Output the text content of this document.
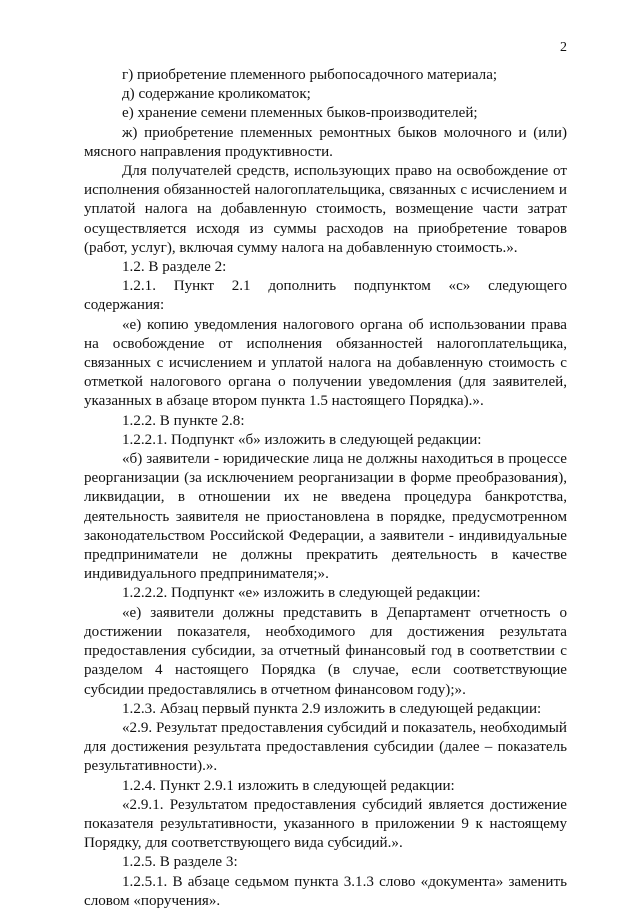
2

г) приобретение племенного рыбопосадочного материала;

д) содержание кроликоматок;

е) хранение семени племенных быков-производителей;

ж) приобретение племенных ремонтных быков молочного и (или) мясного направления продуктивности.

Для получателей средств, использующих право на освобождение от исполнения обязанностей налогоплательщика, связанных с исчислением и уплатой налога на добавленную стоимость, возмещение части затрат осуществляется исходя из суммы расходов на приобретение товаров (работ, услуг), включая сумму налога на добавленную стоимость.».

1.2. В разделе 2:

1.2.1. Пункт 2.1 дополнить подпунктом «с» следующего содержания:

«е) копию уведомления налогового органа об использовании права на освобождение от исполнения обязанностей налогоплательщика, связанных с исчислением и уплатой налога на добавленную стоимость с отметкой налогового органа о получении уведомления (для заявителей, указанных в абзаце втором пункта 1.5 настоящего Порядка).».

1.2.2. В пункте 2.8:

1.2.2.1. Подпункт «б» изложить в следующей редакции:

«б) заявители - юридические лица не должны находиться в процессе реорганизации (за исключением реорганизации в форме преобразования), ликвидации, в отношении их не введена процедура банкротства, деятельность заявителя не приостановлена в порядке, предусмотренном законодательством Российской Федерации, а заявители - индивидуальные предприниматели не должны прекратить деятельность в качестве индивидуального предпринимателя;».

1.2.2.2. Подпункт «е» изложить в следующей редакции:

«е) заявители должны представить в Департамент отчетность о достижении показателя, необходимого для достижения результата предоставления субсидии, за отчетный финансовый год в соответствии с разделом 4 настоящего Порядка (в случае, если соответствующие субсидии предоставлялись в отчетном финансовом году);».

1.2.3. Абзац первый пункта 2.9 изложить в следующей редакции:

«2.9. Результат предоставления субсидий и показатель, необходимый для достижения результата предоставления субсидии (далее – показатель результативности).».

1.2.4. Пункт 2.9.1 изложить в следующей редакции:

«2.9.1. Результатом предоставления субсидий является достижение показателя результативности, указанного в приложении 9 к настоящему Порядку, для соответствующего вида субсидий.».

1.2.5. В разделе 3:

1.2.5.1. В абзаце седьмом пункта 3.1.3 слово «документа» заменить словом «поручения».
